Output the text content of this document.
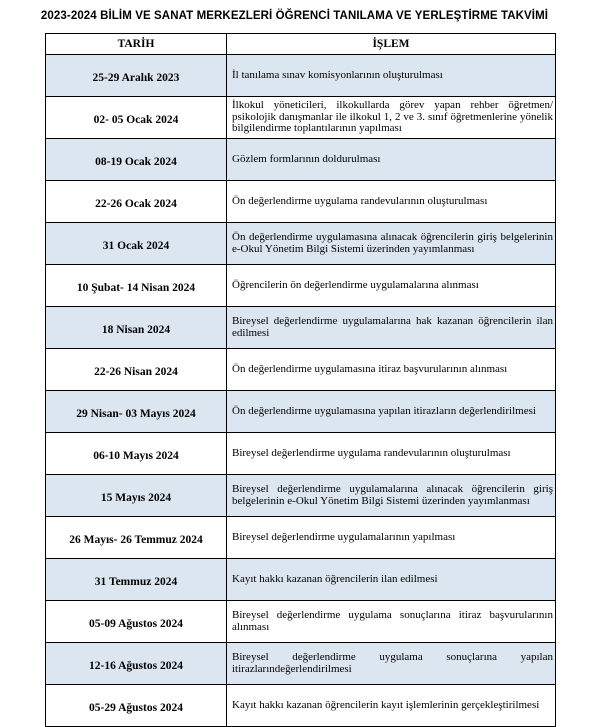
2023-2024 BİLİM VE SANAT MERKEZLERİ ÖĞRENCİ TANILAMA VE YERLEŞTİRME TAKVİMİ
TARİH	İŞLEM
25-29 Aralık 2023	İl tanılama sınav komisyonlarının oluşturulması
02- 05 Ocak 2024	İlkokul yöneticileri, ilkokullarda görev yapan rehber öğretmen/ psikolojik danışmanlar ile ilkokul 1, 2 ve 3. sınıf öğretmenlerine yönelik bilgilendirme toplantılarının yapılması
08-19 Ocak 2024	Gözlem formlarının doldurulması
22-26 Ocak 2024	Ön değerlendirme uygulama randevularının oluşturulması
31 Ocak 2024	Ön değerlendirme uygulamasına alınacak öğrencilerin giriş belgelerinin e-Okul Yönetim Bilgi Sistemi üzerinden yayımlanması
10 Şubat- 14 Nisan 2024	Öğrencilerin ön değerlendirme uygulamalarına alınması
18 Nisan 2024	Bireysel değerlendirme uygulamalarına hak kazanan öğrencilerin ilan edilmesi
22-26 Nisan 2024	Ön değerlendirme uygulamasına itiraz başvurularının alınması
29 Nisan- 03 Mayıs 2024	Ön değerlendirme uygulamasına yapılan itirazların değerlendirilmesi
06-10 Mayıs 2024	Bireysel değerlendirme uygulama randevularının oluşturulması
15 Mayıs 2024	Bireysel değerlendirme uygulamalarına alınacak öğrencilerin giriş belgelerinin e-Okul Yönetim Bilgi Sistemi üzerinden yayımlanması
26 Mayıs- 26 Temmuz 2024	Bireysel değerlendirme uygulamalarının yapılması
31 Temmuz 2024	Kayıt hakkı kazanan öğrencilerin ilan edilmesi
05-09 Ağustos 2024	Bireysel değerlendirme uygulama sonuçlarına itiraz başvurularının alınması
12-16 Ağustos 2024	Bireysel değerlendirme uygulama sonuçlarına yapılan itirazlarındeğerlendirilmesi
05-29 Ağustos 2024	Kayıt hakkı kazanan öğrencilerin kayıt işlemlerinin gerçekleştirilmesi
